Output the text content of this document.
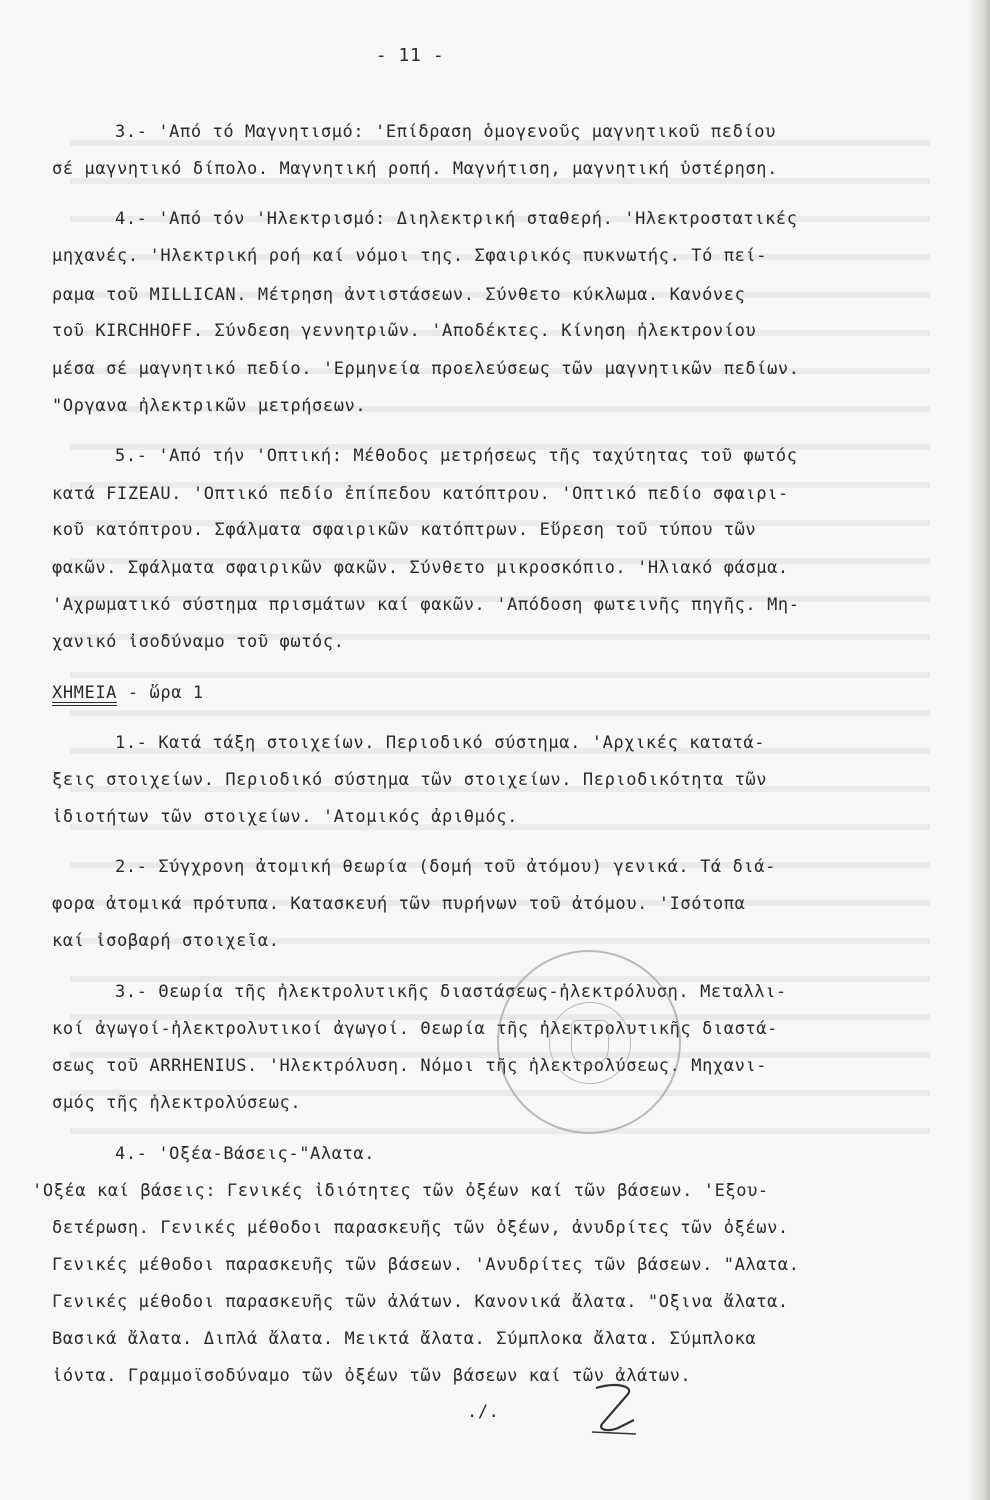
- 11 -
3.- 'Από τό Μαγνητισμό: 'Επίδραση ὁμογενοῦς μαγνητικοῦ πεδίου
σέ μαγνητικό δίπολο. Μαγνητική ροπή. Μαγνήτιση, μαγνητική ὑστέρηση.
4.- 'Από τόν 'Ηλεκτρισμό: Διηλεκτρική σταθερή. 'Ηλεκτροστατικές
μηχανές. 'Ηλεκτρική ροή καί νόμοι της. Σφαιρικός πυκνωτής. Τό πεί-
ραμα τοῦ MILLICAN. Μέτρηση ἀντιστάσεων. Σύνθετο κύκλωμα. Κανόνες
τοῦ KIRCHHOFF. Σύνδεση γεννητριῶν. 'Αποδέκτες. Κίνηση ἠλεκτρονίου
μέσα σέ μαγνητικό πεδίο. 'Ερμηνεία προελεύσεως τῶν μαγνητικῶν πεδίων.
"Οργανα ἠλεκτρικῶν μετρήσεων.
5.- 'Από τήν 'Οπτική: Μέθοδος μετρήσεως τῆς ταχύτητας τοῦ φωτός
κατά FIZEAU. 'Οπτικό πεδίο ἐπίπεδου κατόπτρου. 'Οπτικό πεδίο σφαιρι-
κοῦ κατόπτρου. Σφάλματα σφαιρικῶν κατόπτρων. Εὕρεση τοῦ τύπου τῶν
φακῶν. Σφάλματα σφαιρικῶν φακῶν. Σύνθετο μικροσκόπιο. 'Ηλιακό φάσμα.
'Αχρωματικό σύστημα πρισμάτων καί φακῶν. 'Απόδοση φωτεινῆς πηγῆς. Μη-
χανικό ἰσοδύναμο τοῦ φωτός.
ΧΗΜΕΙΑ - ὥρα 1
1.- Κατά τάξη στοιχείων. Περιοδικό σύστημα. 'Αρχικές κατατά-
ξεις στοιχείων. Περιοδικό σύστημα τῶν στοιχείων. Περιοδικότητα τῶν
ἰδιοτήτων τῶν στοιχείων. 'Ατομικός ἀριθμός.
2.- Σύγχρονη ἀτομική θεωρία (δομή τοῦ ἀτόμου) γενικά. Τά διά-
φορα ἀτομικά πρότυπα. Κατασκευή τῶν πυρήνων τοῦ ἀτόμου. 'Ισότοπα
καί ἰσοβαρή στοιχεῖα.
3.- Θεωρία τῆς ἠλεκτρολυτικῆς διαστάσεως-ἠλεκτρόλυση. Μεταλλι-
κοί ἀγωγοί-ἠλεκτρολυτικοί ἀγωγοί. Θεωρία τῆς ἠλεκτρολυτικῆς διαστά-
σεως τοῦ ARRHENIUS. 'Ηλεκτρόλυση. Νόμοι τῆς ἠλεκτρολύσεως. Μηχανι-
σμός τῆς ἠλεκτρολύσεως.
4.- 'Οξέα-Βάσεις-"Αλατα.
'Οξέα καί βάσεις: Γενικές ἰδιότητες τῶν ὀξέων καί τῶν βάσεων. 'Εξου-
δετέρωση. Γενικές μέθοδοι παρασκευῆς τῶν ὀξέων, ἀνυδρίτες τῶν ὀξέων.
Γενικές μέθοδοι παρασκευῆς τῶν βάσεων. 'Ανυδρίτες τῶν βάσεων. "Αλατα.
Γενικές μέθοδοι παρασκευῆς τῶν ἀλάτων. Κανονικά ἄλατα. "Οξινα ἄλατα.
Βασικά ἄλατα. Διπλά ἄλατα. Μεικτά ἄλατα. Σύμπλοκα ἄλατα. Σύμπλοκα
ἰόντα. Γραμμοϊσοδύναμο τῶν ὀξέων τῶν βάσεων καί τῶν ἀλάτων.
./.
